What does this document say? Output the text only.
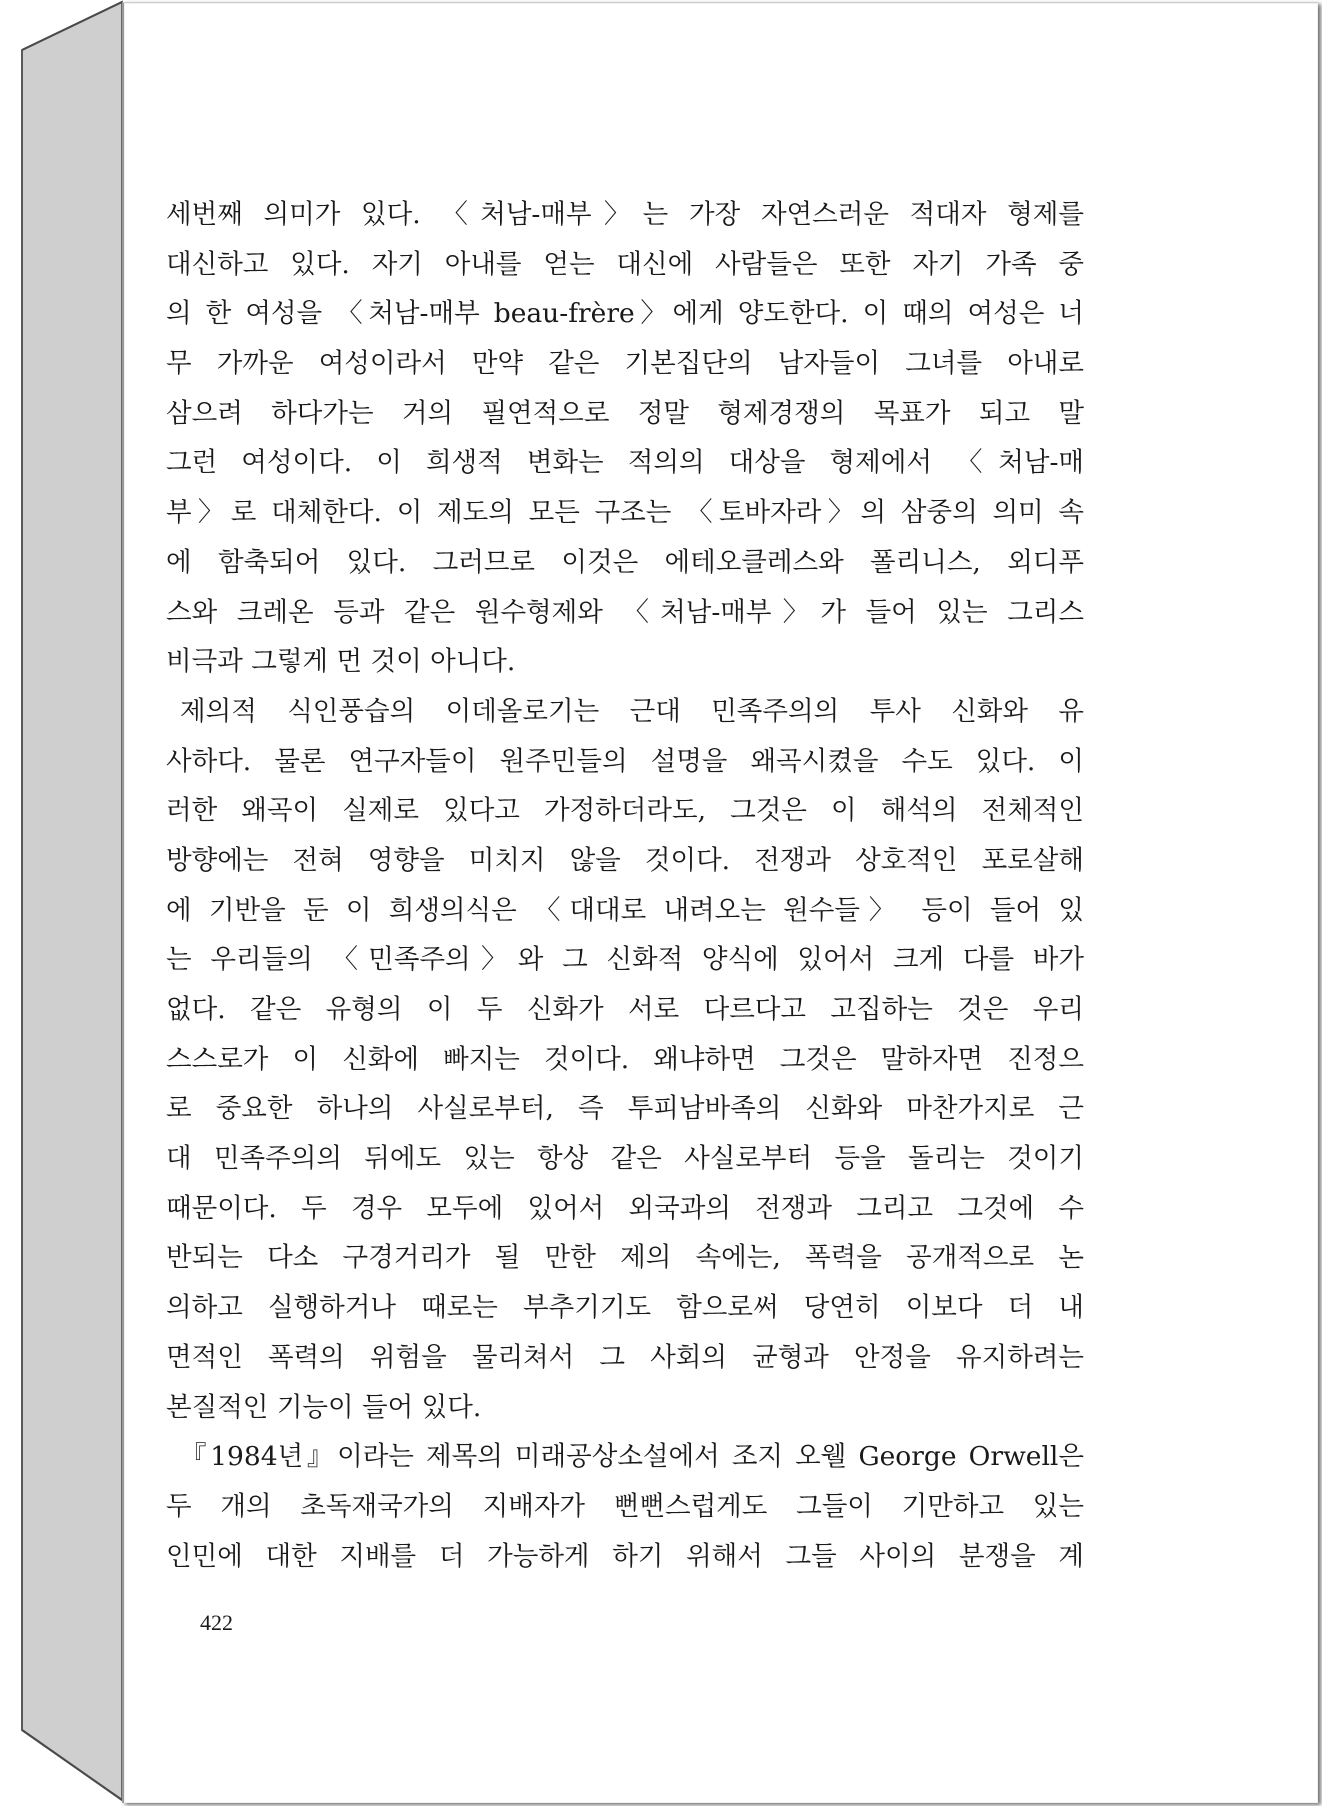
세번째 의미가 있다. 〈처남-매부〉는 가장 자연스러운 적대자 형제를
대신하고 있다. 자기 아내를 얻는 대신에 사람들은 또한 자기 가족 중
의 한 여성을 〈처남-매부 beau-frère〉에게 양도한다. 이 때의 여성은 너
무 가까운 여성이라서 만약 같은 기본집단의 남자들이 그녀를 아내로
삼으려 하다가는 거의 필연적으로 정말 형제경쟁의 목표가 되고 말
그런 여성이다. 이 희생적 변화는 적의의 대상을 형제에서 〈처남-매
부〉로 대체한다. 이 제도의 모든 구조는 〈토바자라〉의 삼중의 의미 속
에 함축되어 있다. 그러므로 이것은 에테오클레스와 폴리니스, 외디푸
스와 크레온 등과 같은 원수형제와 〈처남-매부〉가 들어 있는 그리스
비극과 그렇게 먼 것이 아니다.
제의적 식인풍습의 이데올로기는 근대 민족주의의 투사 신화와 유
사하다. 물론 연구자들이 원주민들의 설명을 왜곡시켰을 수도 있다. 이
러한 왜곡이 실제로 있다고 가정하더라도, 그것은 이 해석의 전체적인
방향에는 전혀 영향을 미치지 않을 것이다. 전쟁과 상호적인 포로살해
에 기반을 둔 이 희생의식은 〈대대로 내려오는 원수들〉 등이 들어 있
는 우리들의 〈민족주의〉와 그 신화적 양식에 있어서 크게 다를 바가
없다. 같은 유형의 이 두 신화가 서로 다르다고 고집하는 것은 우리
스스로가 이 신화에 빠지는 것이다. 왜냐하면 그것은 말하자면 진정으
로 중요한 하나의 사실로부터, 즉 투피남바족의 신화와 마찬가지로 근
대 민족주의의 뒤에도 있는 항상 같은 사실로부터 등을 돌리는 것이기
때문이다. 두 경우 모두에 있어서 외국과의 전쟁과 그리고 그것에 수
반되는 다소 구경거리가 될 만한 제의 속에는, 폭력을 공개적으로 논
의하고 실행하거나 때로는 부추기기도 함으로써 당연히 이보다 더 내
면적인 폭력의 위험을 물리쳐서 그 사회의 균형과 안정을 유지하려는
본질적인 기능이 들어 있다.
『1984년』이라는 제목의 미래공상소설에서 조지 오웰 George Orwell은
두 개의 초독재국가의 지배자가 뻔뻔스럽게도 그들이 기만하고 있는
인민에 대한 지배를 더 가능하게 하기 위해서 그들 사이의 분쟁을 계
422
